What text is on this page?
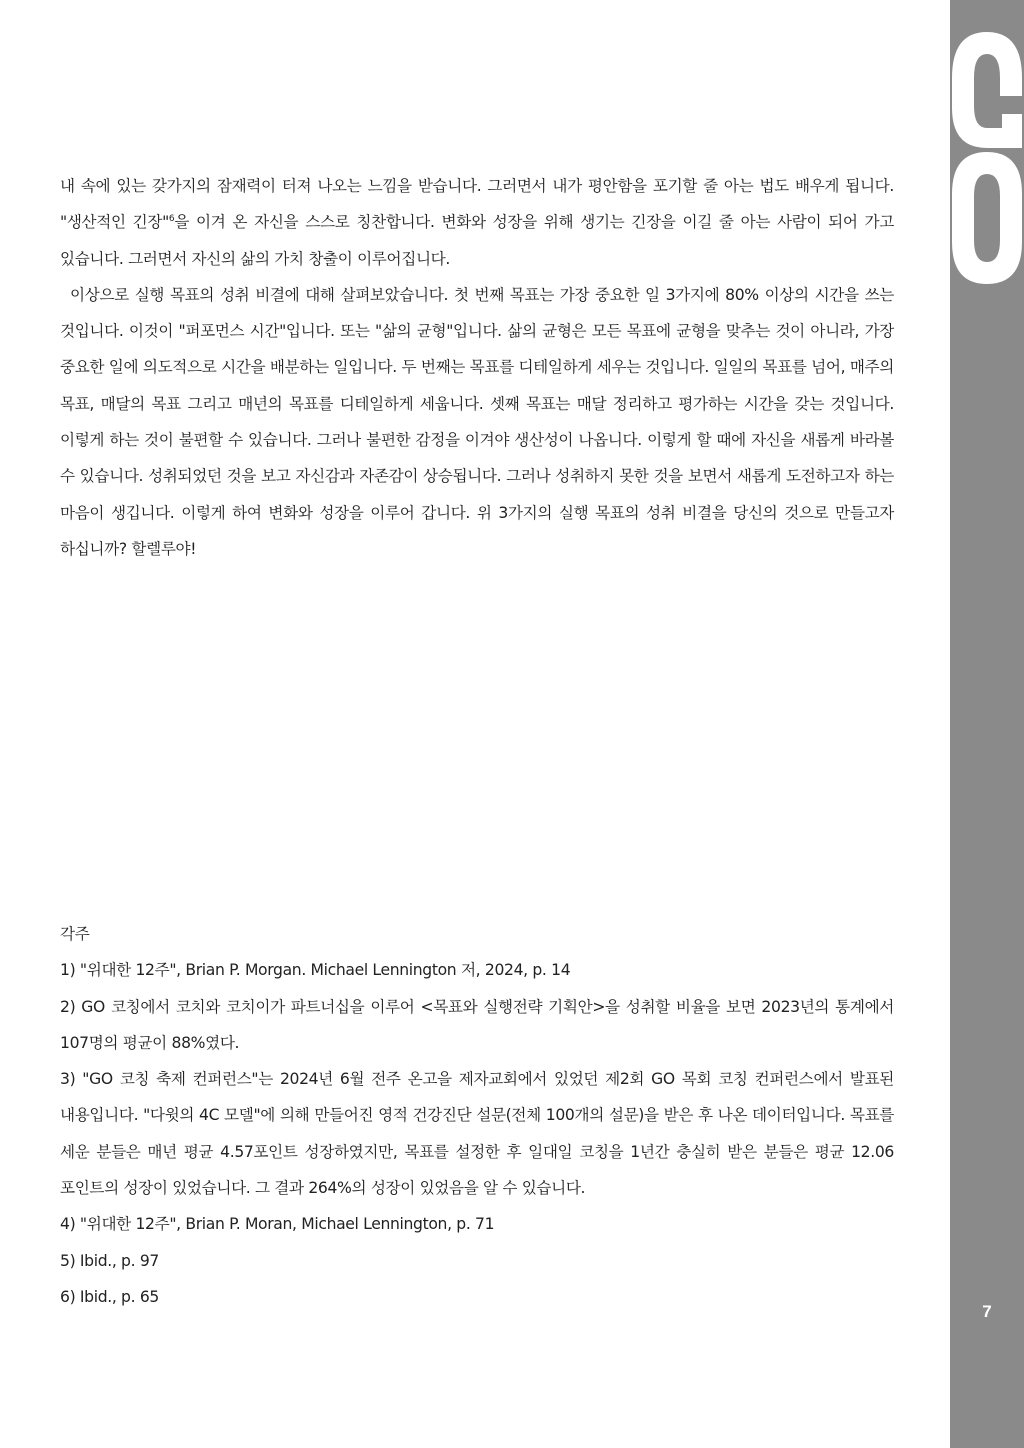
내 속에 있는 갖가지의 잠재력이 터져 나오는 느낌을 받습니다. 그러면서 내가 평안함을 포기할 줄 아는 법도 배우게 됩니다. "생산적인 긴장"$^6$을 이겨 온 자신을 스스로 칭찬합니다. 변화와 성장을 위해 생기는 긴장을 이길 줄 아는 사람이 되어 가고 있습니다. 그러면서 자신의 삶의 가치 창출이 이루어집니다.

이상으로 실행 목표의 성취 비결에 대해 살펴보았습니다. 첫 번째 목표는 가장 중요한 일 3가지에 80% 이상의 시간을 쓰는 것입니다. 이것이 "퍼포먼스 시간"입니다. 또는 "삶의 균형"입니다. 삶의 균형은 모든 목표에 균형을 맞추는 것이 아니라, 가장 중요한 일에 의도적으로 시간을 배분하는 일입니다. 두 번째는 목표를 디테일하게 세우는 것입니다. 일일의 목표를 넘어, 매주의 목표, 매달의 목표 그리고 매년의 목표를 디테일하게 세웁니다. 셋째 목표는 매달 정리하고 평가하는 시간을 갖는 것입니다. 이렇게 하는 것이 불편할 수 있습니다. 그러나 불편한 감정을 이겨야 생산성이 나옵니다. 이렇게 할 때에 자신을 새롭게 바라볼 수 있습니다. 성취되었던 것을 보고 자신감과 자존감이 상승됩니다. 그러나 성취하지 못한 것을 보면서 새롭게 도전하고자 하는 마음이 생깁니다. 이렇게 하여 변화와 성장을 이루어 갑니다. 위 3가지의 실행 목표의 성취 비결을 당신의 것으로 만들고자 하십니까? 할렐루야!

각주

1) "위대한 12주", Brian P. Morgan. Michael Lennington 저, 2024, p. 14
2) GO 코칭에서 코치와 코치이가 파트너십을 이루어 <목표와 실행전략 기획안>을 성취할 비율을 보면 2023년의 통계에서 107명의 평균이 88%였다.
3) "GO 코칭 축제 컨퍼런스"는 2024년 6월 전주 온고을 제자교회에서 있었던 제2회 GO 목회 코칭 컨퍼런스에서 발표된 내용입니다. "다윗의 4C 모델"에 의해 만들어진 영적 건강진단 설문(전체 100개의 설문)을 받은 후 나온 데이터입니다. 목표를 세운 분들은 매년 평균 4.57포인트 성장하였지만, 목표를 설정한 후 일대일 코칭을 1년간 충실히 받은 분들은 평균 12.06 포인트의 성장이 있었습니다. 그 결과 264%의 성장이 있었음을 알 수 있습니다.
4) "위대한 12주", Brian P. Moran, Michael Lennington, p. 71
5) Ibid., p. 97
6) Ibid., p. 65
7
